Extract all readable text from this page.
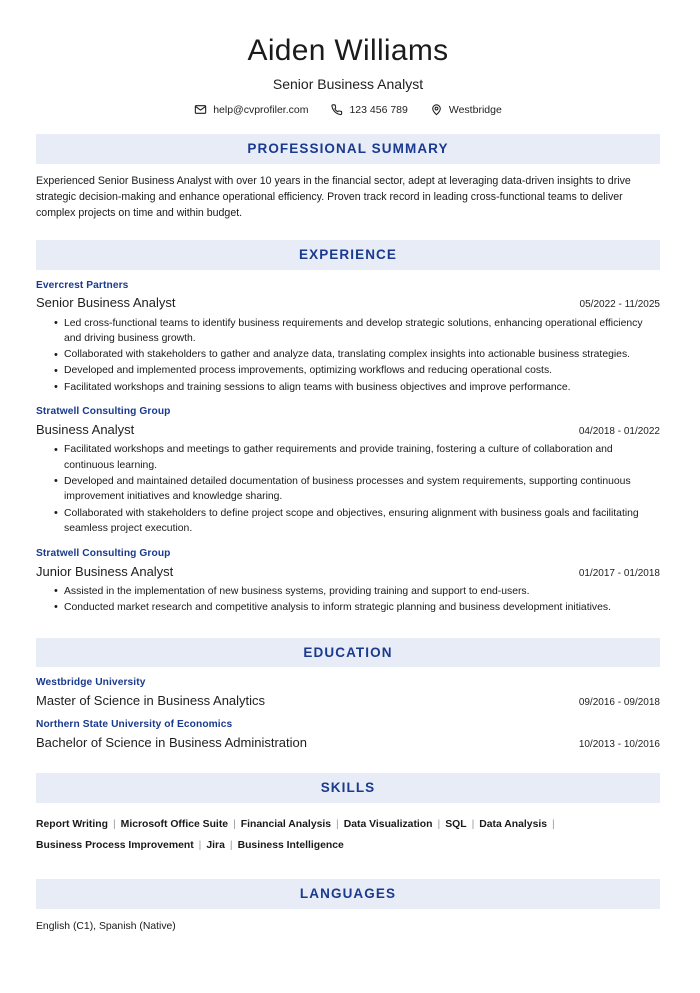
Aiden Williams
Senior Business Analyst
help@cvprofiler.com	123 456 789	Westbridge
PROFESSIONAL SUMMARY
Experienced Senior Business Analyst with over 10 years in the financial sector, adept at leveraging data-driven insights to drive strategic decision-making and enhance operational efficiency. Proven track record in leading cross-functional teams to deliver complex projects on time and within budget.
EXPERIENCE
Evercrest Partners
Senior Business Analyst	05/2022 - 11/2025
• Led cross-functional teams to identify business requirements and develop strategic solutions, enhancing operational efficiency and driving business growth.
• Collaborated with stakeholders to gather and analyze data, translating complex insights into actionable business strategies.
• Developed and implemented process improvements, optimizing workflows and reducing operational costs.
• Facilitated workshops and training sessions to align teams with business objectives and improve performance.
Stratwell Consulting Group
Business Analyst	04/2018 - 01/2022
• Facilitated workshops and meetings to gather requirements and provide training, fostering a culture of collaboration and continuous learning.
• Developed and maintained detailed documentation of business processes and system requirements, supporting continuous improvement initiatives and knowledge sharing.
• Collaborated with stakeholders to define project scope and objectives, ensuring alignment with business goals and facilitating seamless project execution.
Stratwell Consulting Group
Junior Business Analyst	01/2017 - 01/2018
• Assisted in the implementation of new business systems, providing training and support to end-users.
• Conducted market research and competitive analysis to inform strategic planning and business development initiatives.
EDUCATION
Westbridge University
Master of Science in Business Analytics	09/2016 - 09/2018
Northern State University of Economics
Bachelor of Science in Business Administration	10/2013 - 10/2016
SKILLS
Report Writing | Microsoft Office Suite | Financial Analysis | Data Visualization | SQL | Data Analysis |
Business Process Improvement | Jira | Business Intelligence
LANGUAGES
English (C1), Spanish (Native)
